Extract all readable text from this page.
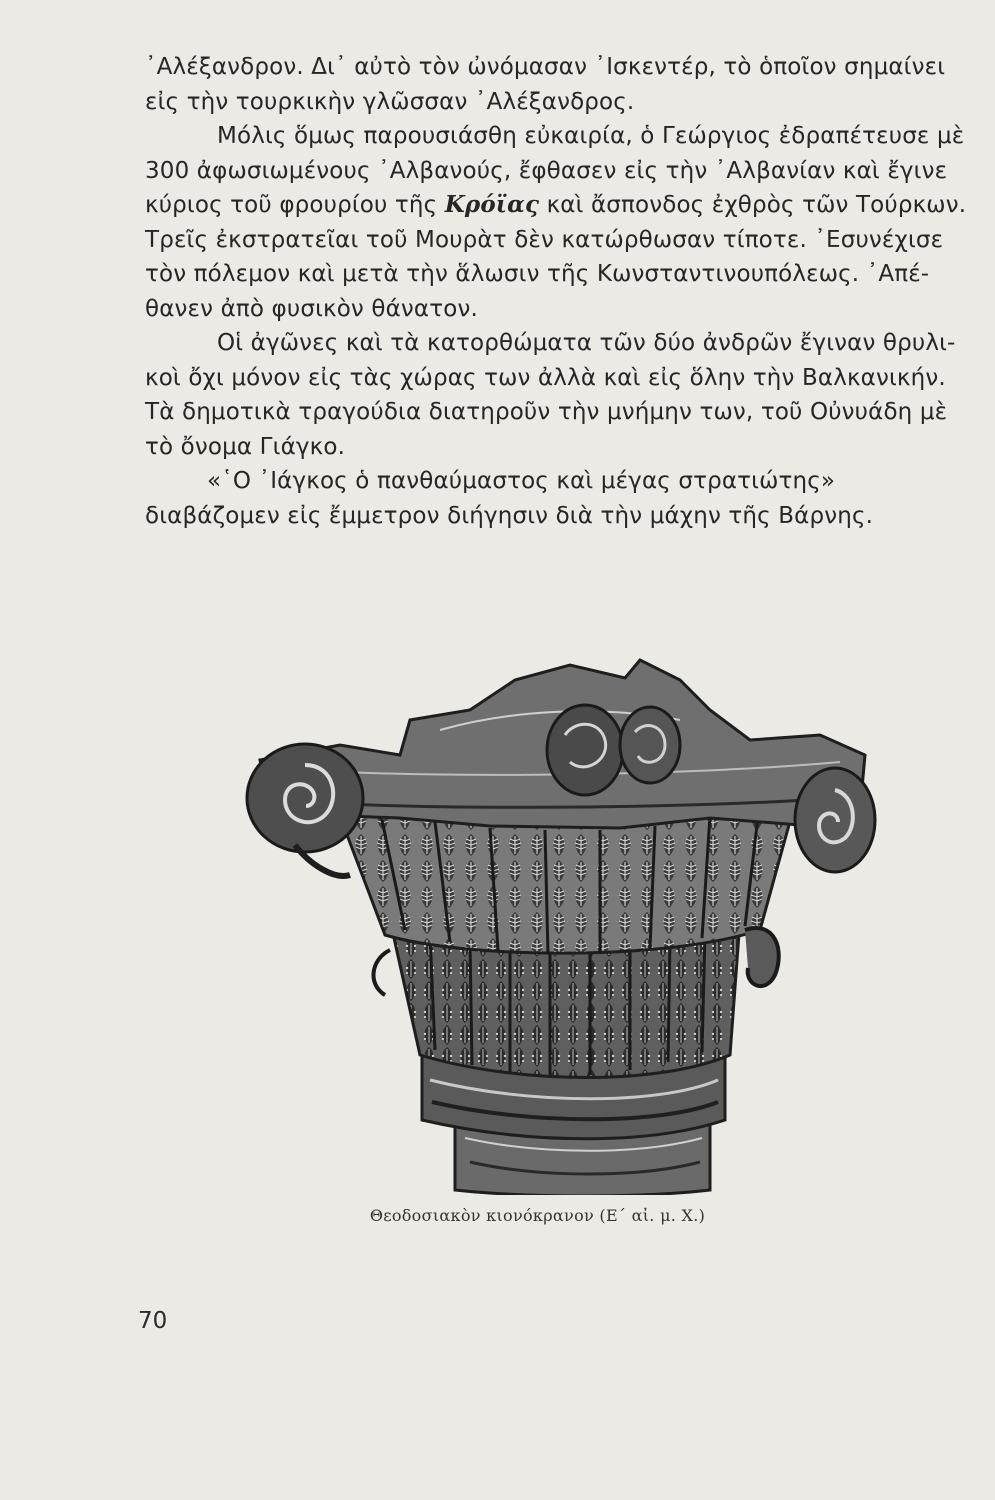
᾿Αλέξανδρον. Δι᾿ αὐτὸ τὸν ὠνόμασαν ᾿Ισκεντέρ, τὸ ὁποῖον σημαίνει
εἰς τὴν τουρκικὴν γλῶσσαν ᾿Αλέξανδρος.
Μόλις ὅμως παρουσιάσθη εὐκαιρία, ὁ Γεώργιος ἐδραπέτευσε μὲ
300 ἀφωσιωμένους ᾿Αλβανούς, ἔφθασεν εἰς τὴν ᾿Αλβανίαν καὶ ἔγινε
κύριος τοῦ φρουρίου τῆς Κρόϊας καὶ ἄσπονδος ἐχθρὸς τῶν Τούρκων.
Τρεῖς ἐκστρατεῖαι τοῦ Μουρὰτ δὲν κατώρθωσαν τίποτε. ᾿Εσυνέχισε
τὸν πόλεμον καὶ μετὰ τὴν ἅλωσιν τῆς Κωνσταντινουπόλεως. ᾿Απέ-
θανεν ἀπὸ φυσικὸν θάνατον.
Οἱ ἀγῶνες καὶ τὰ κατορθώματα τῶν δύο ἀνδρῶν ἔγιναν θρυλι-
κοὶ ὄχι μόνον εἰς τὰς χώρας των ἀλλὰ καὶ εἰς ὅλην τὴν Βαλκανικήν.
Τὰ δημοτικὰ τραγούδια διατηροῦν τὴν μνήμην των, τοῦ Οὐνυάδη μὲ
τὸ ὄνομα Γιάγκο.
«῾Ο ᾿Ιάγκος ὁ πανθαύμαστος καὶ μέγας στρατιώτης»
διαβάζομεν εἰς ἔμμετρον διήγησιν διὰ τὴν μάχην τῆς Βάρνης.
Θεοδοσιακὸν κιονόκρανον (Ε΄ αἰ. μ. Χ.)
70
